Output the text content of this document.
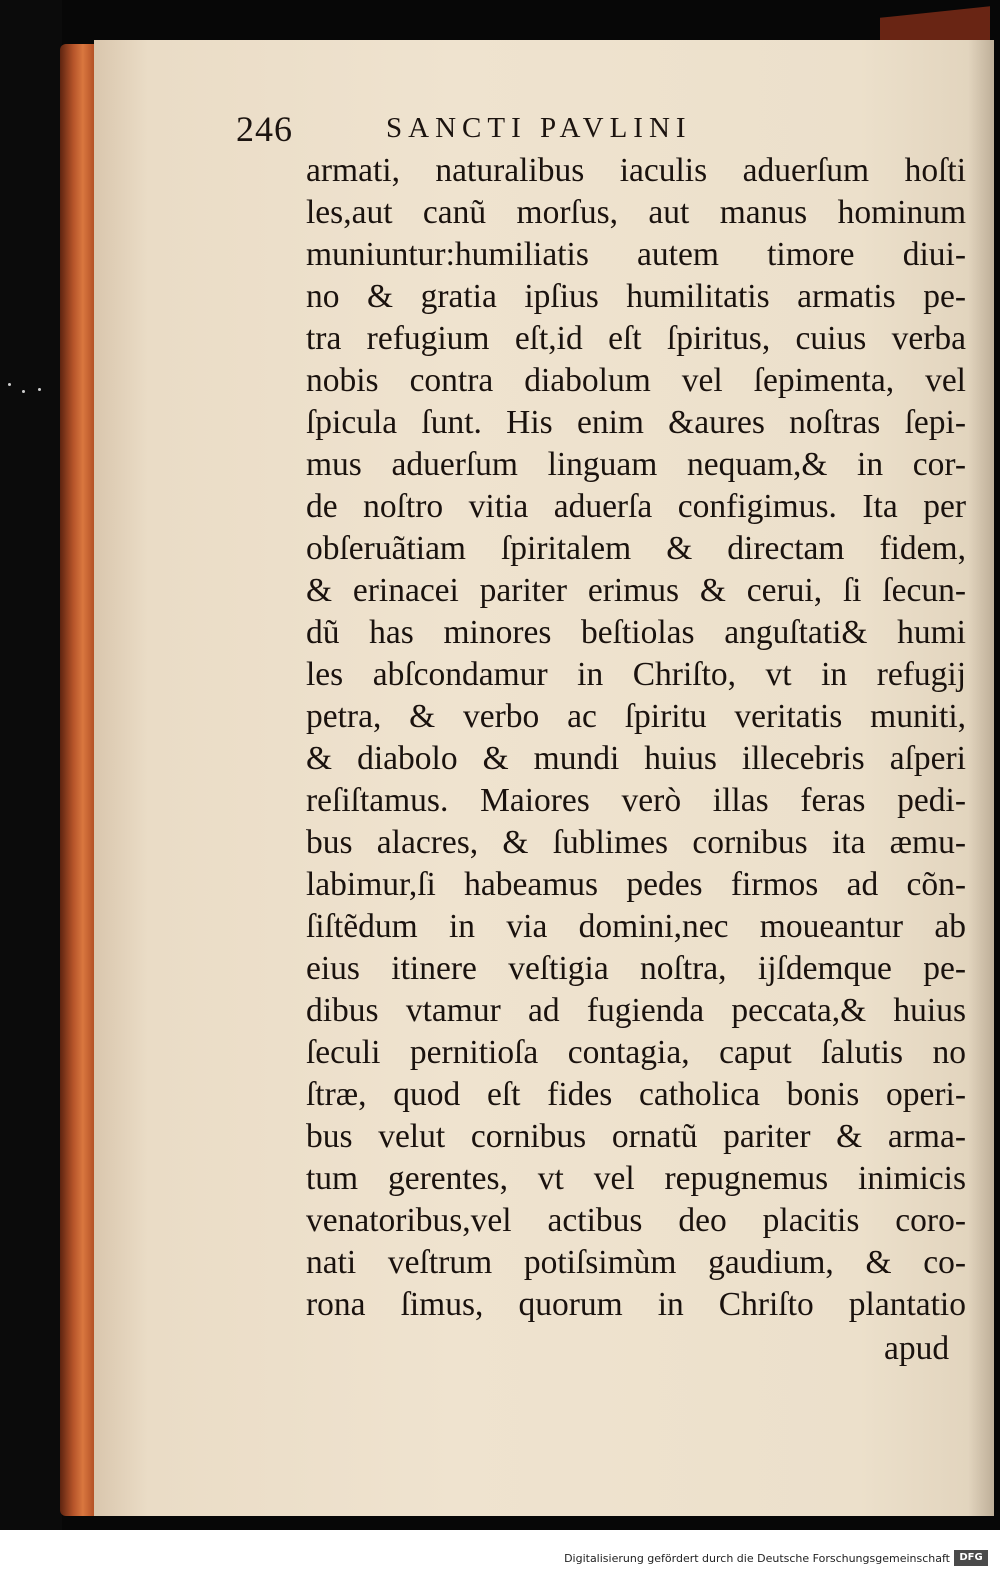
246	SANCTI PAVLINI
armati, naturalibus iaculis aduerſum hoſti
les,aut canũ morſus, aut manus hominum
muniuntur:humiliatis autem timore diui-
no & gratia ipſius humilitatis armatis pe-
tra refugium eſt,id eſt ſpiritus, cuius verba
nobis contra diabolum vel ſepimenta, vel
ſpicula ſunt. His enim &aures noſtras ſepi-
mus aduerſum linguam nequam,& in cor-
de noſtro vitia aduerſa configimus. Ita per
obſeruãtiam ſpiritalem & directam fidem,
& erinacei pariter erimus & cerui, ſi ſecun-
dũ has minores beſtiolas anguſtati& humi
les abſcondamur in Chriſto, vt in refugij
petra, & verbo ac ſpiritu veritatis muniti,
& diabolo & mundi huius illecebris aſperi
reſiſtamus. Maiores verò illas feras pedi-
bus alacres, & ſublimes cornibus ita æmu-
labimur,ſi habeamus pedes firmos ad cõn-
ſiſtẽdum in via domini,nec moueantur ab
eius itinere veſtigia noſtra, ijſdemque pe-
dibus vtamur ad fugienda peccata,& huius
ſeculi pernitioſa contagia, caput ſalutis no
ſtræ, quod eſt fides catholica bonis operi-
bus velut cornibus ornatũ pariter & arma-
tum gerentes, vt vel repugnemus inimicis
venatoribus,vel actibus deo placitis coro-
nati veſtrum potiſsimùm gaudium, & co-
rona ſimus, quorum in Chriſto plantatio
apud
Digitalisierung gefördert durch die Deutsche Forschungsgemeinschaft DFG
